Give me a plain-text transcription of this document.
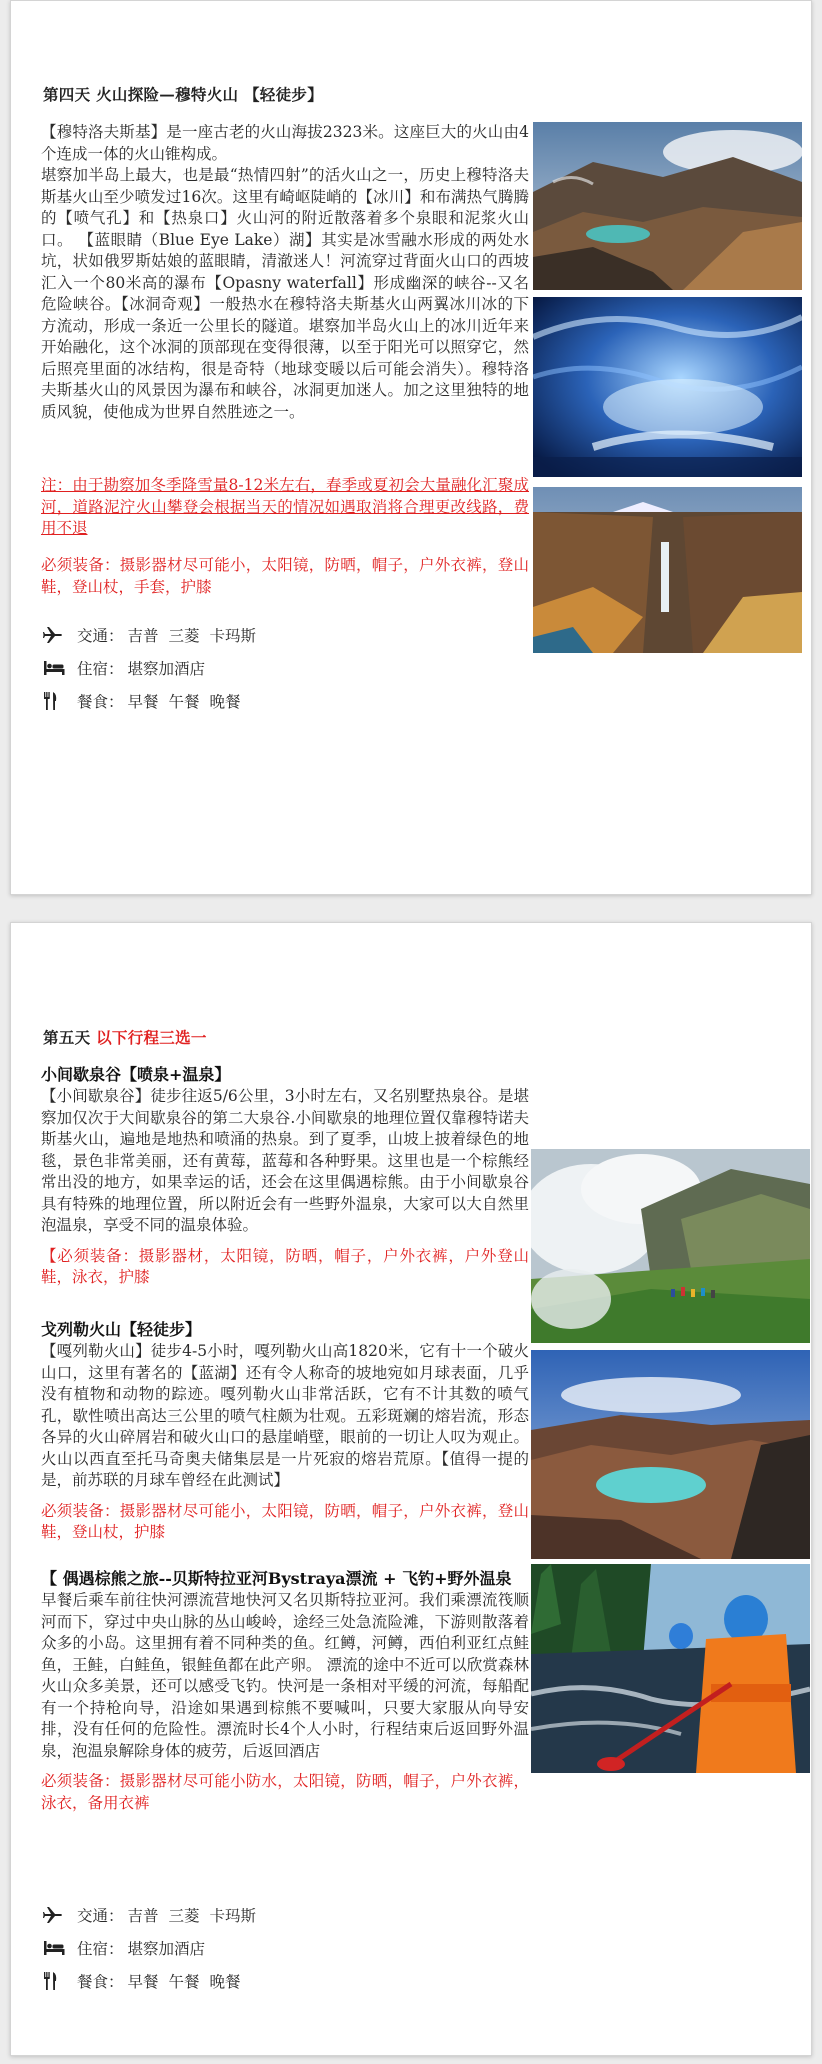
第四天 火山探险—穆特火山 【轻徒步】

【穆特洛夫斯基】是一座古老的火山海拔2323米。这座巨大的火山由4个连成一体的火山锥构成。

堪察加半岛上最大，也是最“热情四射”的活火山之一，历史上穆特洛夫斯基火山至少喷发过16次。这里有崎岖陡峭的【冰川】和布满热气腾腾的【喷气孔】和【热泉口】火山河的附近散落着多个泉眼和泥浆火山口。 【蓝眼睛（Blue Eye Lake）湖】其实是冰雪融水形成的两处水坑，状如俄罗斯姑娘的蓝眼睛，清澈迷人！河流穿过背面火山口的西坡汇入一个80米高的瀑布【Opasny waterfall】形成幽深的峡谷--又名危险峡谷。【冰洞奇观】一般热水在穆特洛夫斯基火山两翼冰川冰的下方流动，形成一条近一公里长的隧道。堪察加半岛火山上的冰川近年来开始融化，这个冰洞的顶部现在变得很薄，以至于阳光可以照穿它，然后照亮里面的冰结构，很是奇特（地球变暖以后可能会消失）。穆特洛夫斯基火山的风景因为瀑布和峡谷，冰洞更加迷人。加之这里独特的地质风貌，使他成为世界自然胜迹之一。

注：由于勘察加冬季降雪量8-12米左右，春季或夏初会大量融化汇聚成河，道路泥泞火山攀登会根据当天的情况如遇取消将合理更改线路，费用不退

必须装备：摄影器材尽可能小，太阳镜，防晒，帽子，户外衣裤，登山鞋，登山杖，手套，护膝

交通： 吉普 三菱 卡玛斯
住宿： 堪察加酒店
餐食： 早餐 午餐 晚餐
第五天 以下行程三选一

小间歇泉谷【喷泉+温泉】

【小间歇泉谷】徒步往返5/6公里，3小时左右，又名别墅热泉谷。是堪察加仅次于大间歇泉谷的第二大泉谷.小间歇泉的地理位置仅靠穆特诺夫斯基火山，遍地是地热和喷涌的热泉。到了夏季，山坡上披着绿色的地毯，景色非常美丽，还有黄莓，蓝莓和各种野果。这里也是一个棕熊经常出没的地方，如果幸运的话，还会在这里偶遇棕熊。由于小间歇泉谷具有特殊的地理位置，所以附近会有一些野外温泉，大家可以大自然里泡温泉，享受不同的温泉体验。

【必须装备：摄影器材，太阳镜，防晒，帽子，户外衣裤，户外登山鞋，泳衣，护膝

戈列勒火山【轻徒步】

【嘎列勒火山】徒步4-5小时，嘎列勒火山高1820米，它有十一个破火山口，这里有著名的【蓝湖】还有令人称奇的坡地宛如月球表面，几乎没有植物和动物的踪迹。嘎列勒火山非常活跃，它有不计其数的喷气孔，歇性喷出高达三公里的喷气柱颇为壮观。五彩斑斓的熔岩流，形态各异的火山碎屑岩和破火山口的悬崖峭壁，眼前的一切让人叹为观止。火山以西直至托马奇奥夫储集层是一片死寂的熔岩荒原。【值得一提的是，前苏联的月球车曾经在此测试】

必须装备：摄影器材尽可能小，太阳镜，防晒，帽子，户外衣裤，登山鞋，登山杖，护膝

【 偶遇棕熊之旅--贝斯特拉亚河Bystraya漂流 + 飞钓+野外温泉

早餐后乘车前往快河漂流营地快河又名贝斯特拉亚河。我们乘漂流筏顺河而下，穿过中央山脉的丛山峻岭，途经三处急流险滩，下游则散落着众多的小岛。这里拥有着不同种类的鱼。红鳟，河鳟，西伯利亚红点鲑鱼，王鲑，白鲑鱼，银鲑鱼都在此产卵。 漂流的途中不近可以欣赏森林火山众多美景，还可以感受飞钓。快河是一条相对平缓的河流，每船配有一个持枪向导，沿途如果遇到棕熊不要喊叫，只要大家服从向导安排，没有任何的危险性。漂流时长4个人小时，行程结束后返回野外温泉，泡温泉解除身体的疲劳，后返回酒店

必须装备：摄影器材尽可能小防水，太阳镜，防晒，帽子，户外衣裤，泳衣，备用衣裤

交通： 吉普 三菱 卡玛斯
住宿： 堪察加酒店
餐食： 早餐 午餐 晚餐
